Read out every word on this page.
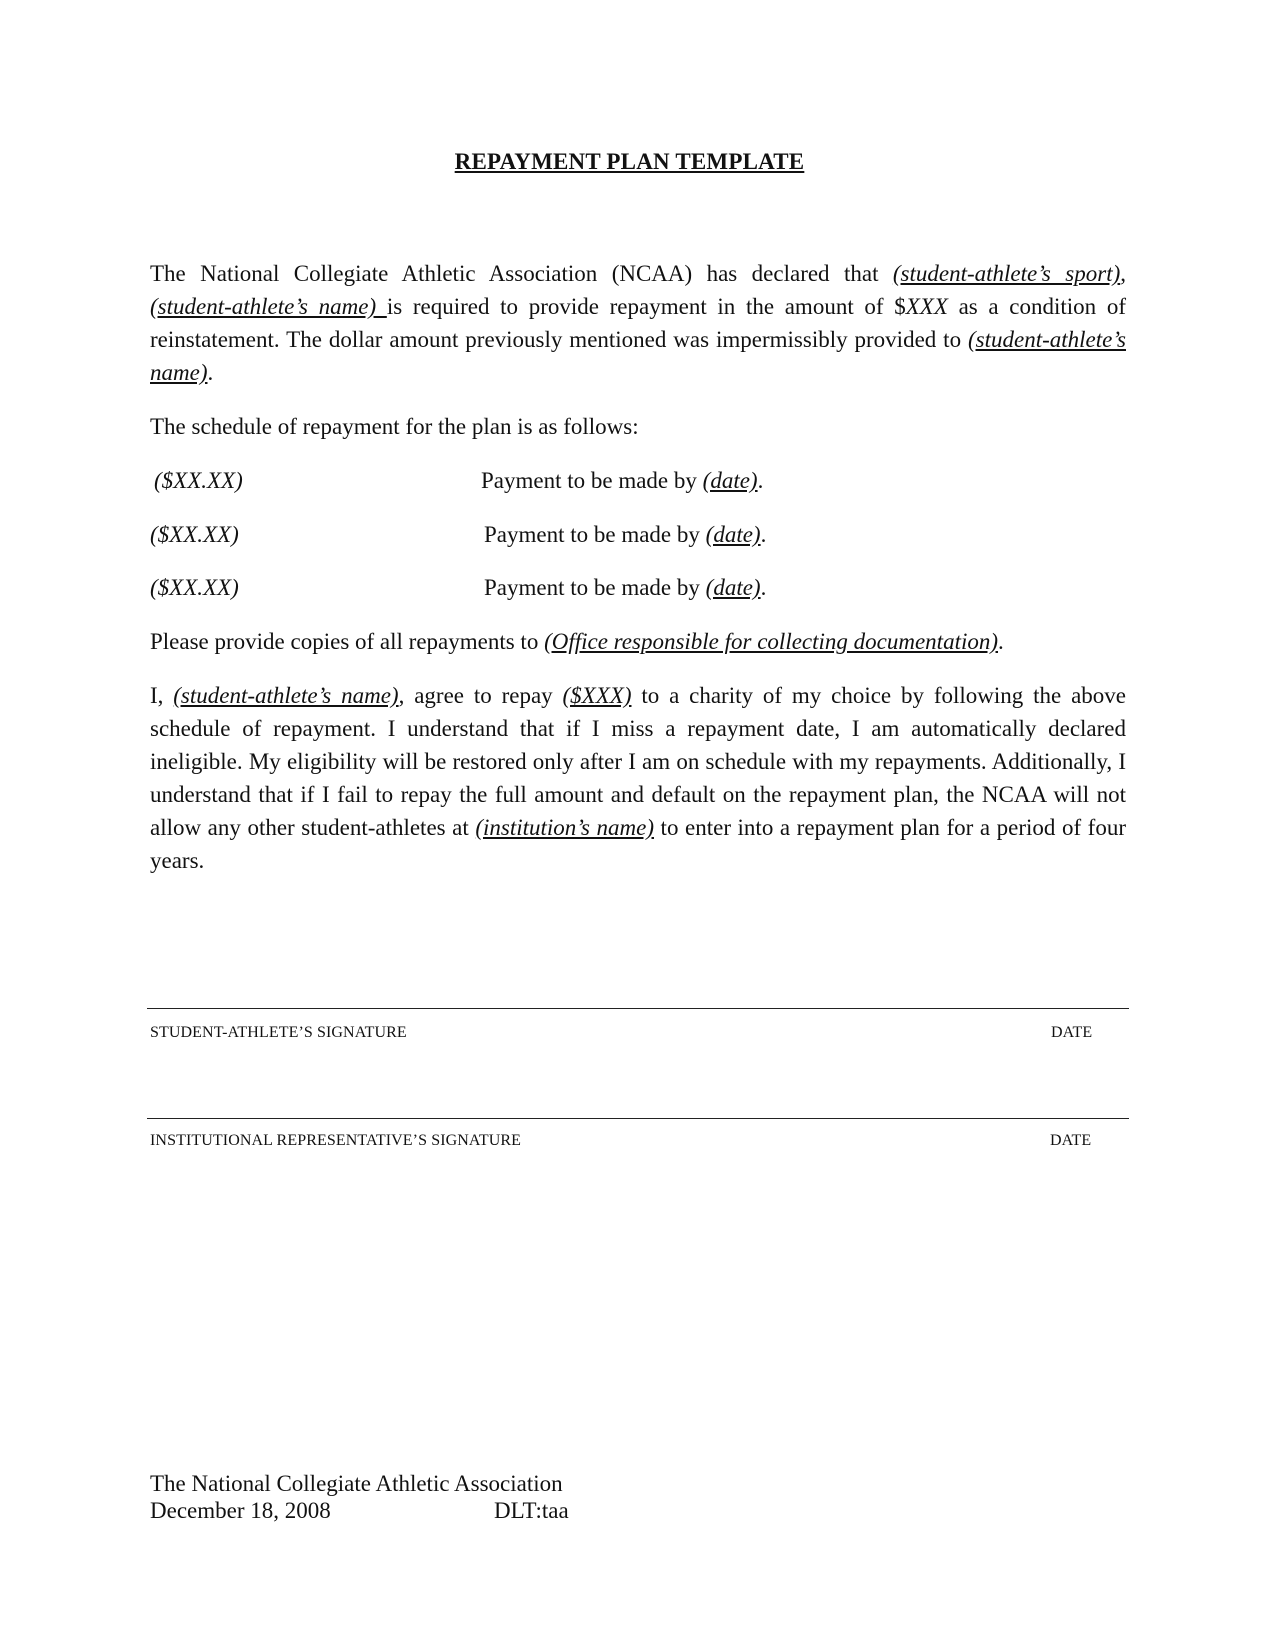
REPAYMENT PLAN TEMPLATE

The National Collegiate Athletic Association (NCAA) has declared that (student-athlete’s sport), (student-athlete’s name) is required to provide repayment in the amount of $XXX as a condition of reinstatement. The dollar amount previously mentioned was impermissibly provided to (student-athlete’s name).

The schedule of repayment for the plan is as follows:
($XX.XX)	Payment to be made by (date).
($XX.XX)	Payment to be made by (date).
($XX.XX)	Payment to be made by (date).
Please provide copies of all repayments to (Office responsible for collecting documentation).

I, (student-athlete’s name), agree to repay ($XXX) to a charity of my choice by following the above schedule of repayment. I understand that if I miss a repayment date, I am automatically declared ineligible. My eligibility will be restored only after I am on schedule with my repayments. Additionally, I understand that if I fail to repay the full amount and default on the repayment plan, the NCAA will not allow any other student-athletes at (institution’s name) to enter into a repayment plan for a period of four years.

STUDENT-ATHLETE’S SIGNATURE	DATE
INSTITUTIONAL REPRESENTATIVE’S SIGNATURE	DATE
The National Collegiate Athletic Association
December 18, 2008	DLT:taa
